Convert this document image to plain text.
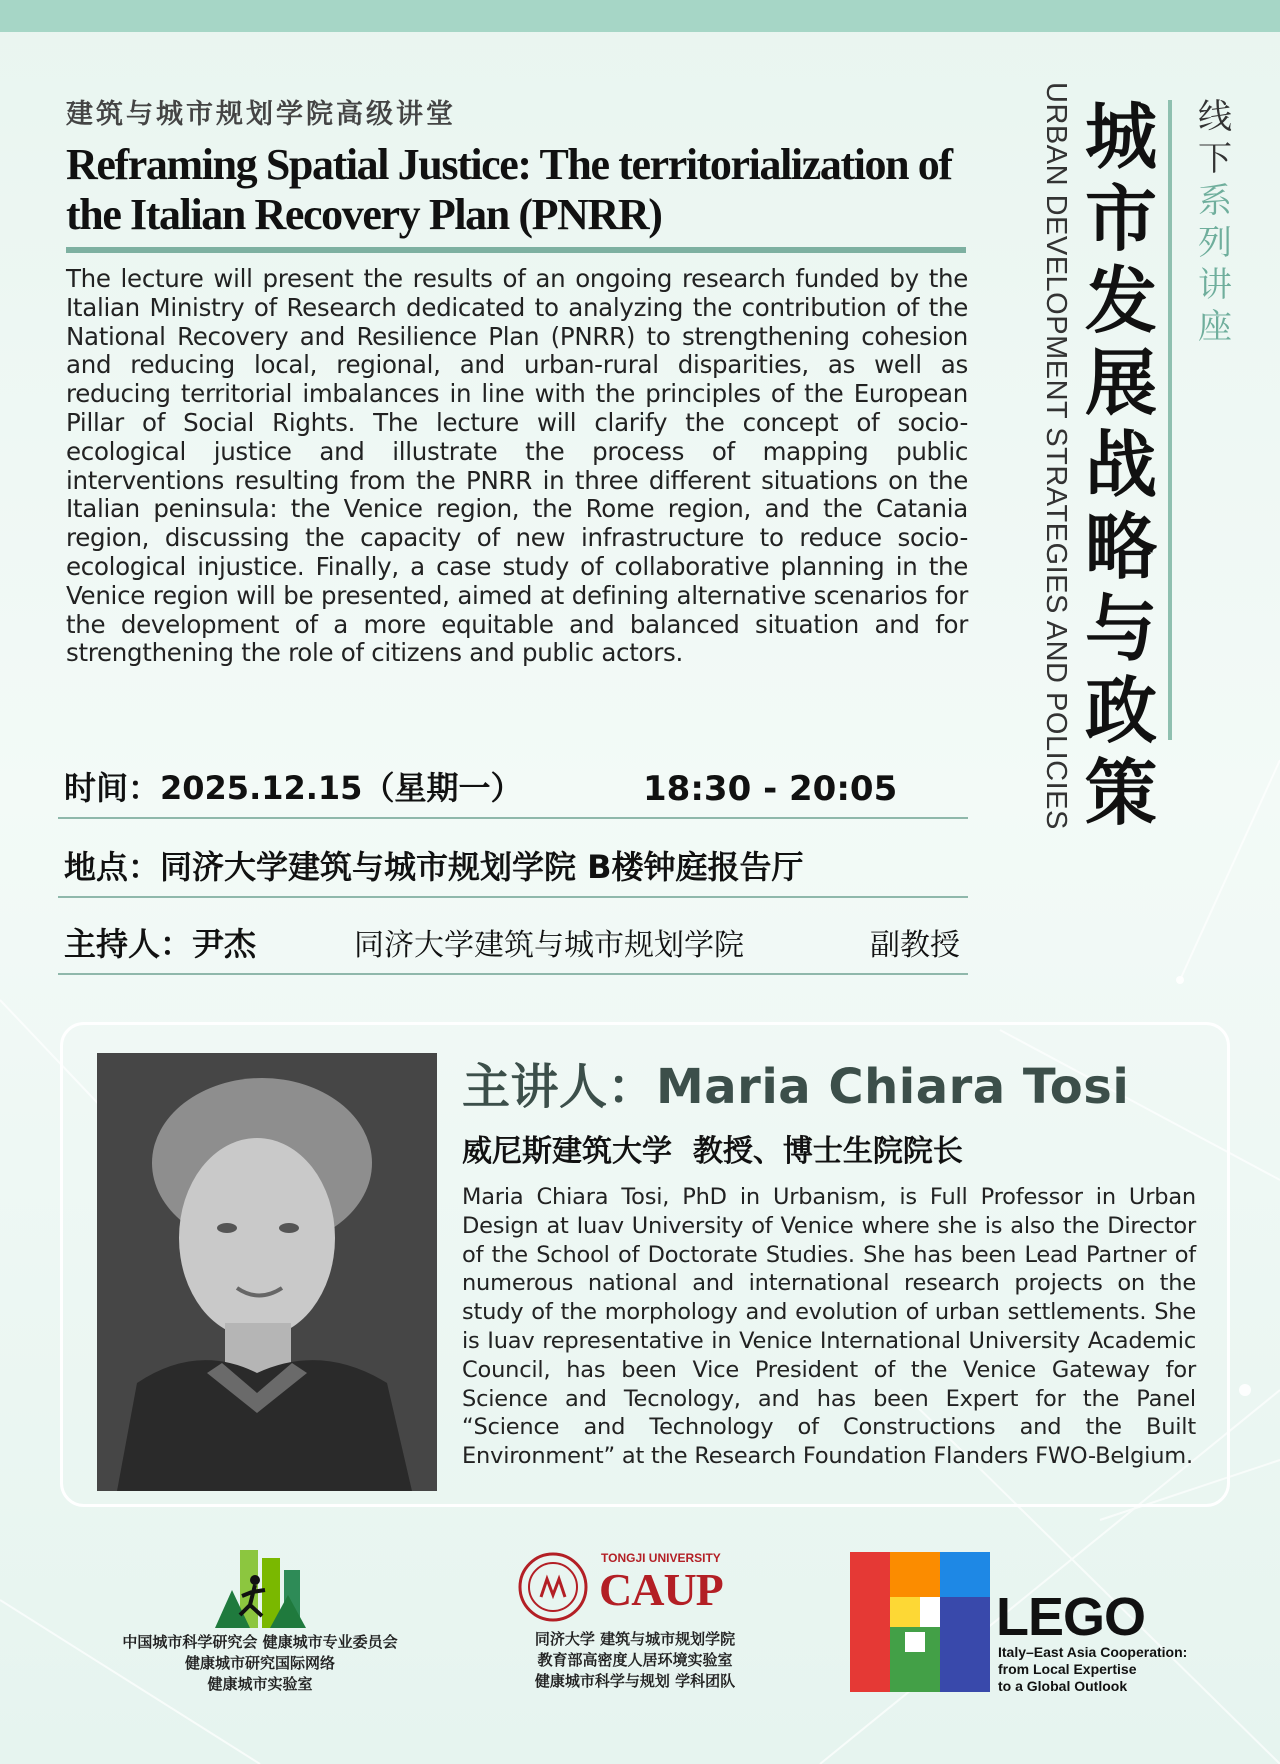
建筑与城市规划学院高级讲堂
Reframing Spatial Justice: The territorialization of the Italian Recovery Plan (PNRR)
The lecture will present the results of an ongoing research funded by the Italian Ministry of Research dedicated to analyzing the contribution of the National Recovery and Resilience Plan (PNRR) to strengthening cohesion and reducing local, regional, and urban-rural disparities, as well as reducing territorial imbalances in line with the principles of the European Pillar of Social Rights. The lecture will clarify the concept of socio-ecological justice and illustrate the process of mapping public interventions resulting from the PNRR in three different situations on the Italian peninsula: the Venice region, the Rome region, and the Catania region, discussing the capacity of new infrastructure to reduce socio-ecological injustice. Finally, a case study of collaborative planning in the Venice region will be presented, aimed at defining alternative scenarios for the development of a more equitable and balanced situation and for strengthening the role of citizens and public actors.
线下
系列讲座
城市发展战略与政策
URBAN DEVELOPMENT STRATEGIES AND POLICIES
时间：2025.12.15（星期一）	18:30 - 20:05
地点：同济大学建筑与城市规划学院 B楼钟庭报告厅
主持人：尹杰	同济大学建筑与城市规划学院	副教授
主讲人：Maria Chiara Tosi
威尼斯建筑大学  教授、博士生院院长
Maria Chiara Tosi, PhD in Urbanism, is Full Professor in Urban Design at Iuav University of Venice where she is also the Director of the School of Doctorate Studies. She has been Lead Partner of numerous national and international research projects on the study of the morphology and evolution of urban settlements. She is Iuav representative in Venice International University Academic Council, has been Vice President of the Venice Gateway for Science and Tecnology, and has been Expert for the Panel “Science and Technology of Constructions and the Built Environment” at the Research Foundation Flanders FWO-Belgium.
中国城市科学研究会 健康城市专业委员会
健康城市研究国际网络
健康城市实验室
TONGJI UNIVERSITY
CAUP
同济大学 建筑与城市规划学院
教育部高密度人居环境实验室
健康城市科学与规划 学科团队
LEGO
Italy–East Asia Cooperation:
from Local Expertise
to a Global Outlook
